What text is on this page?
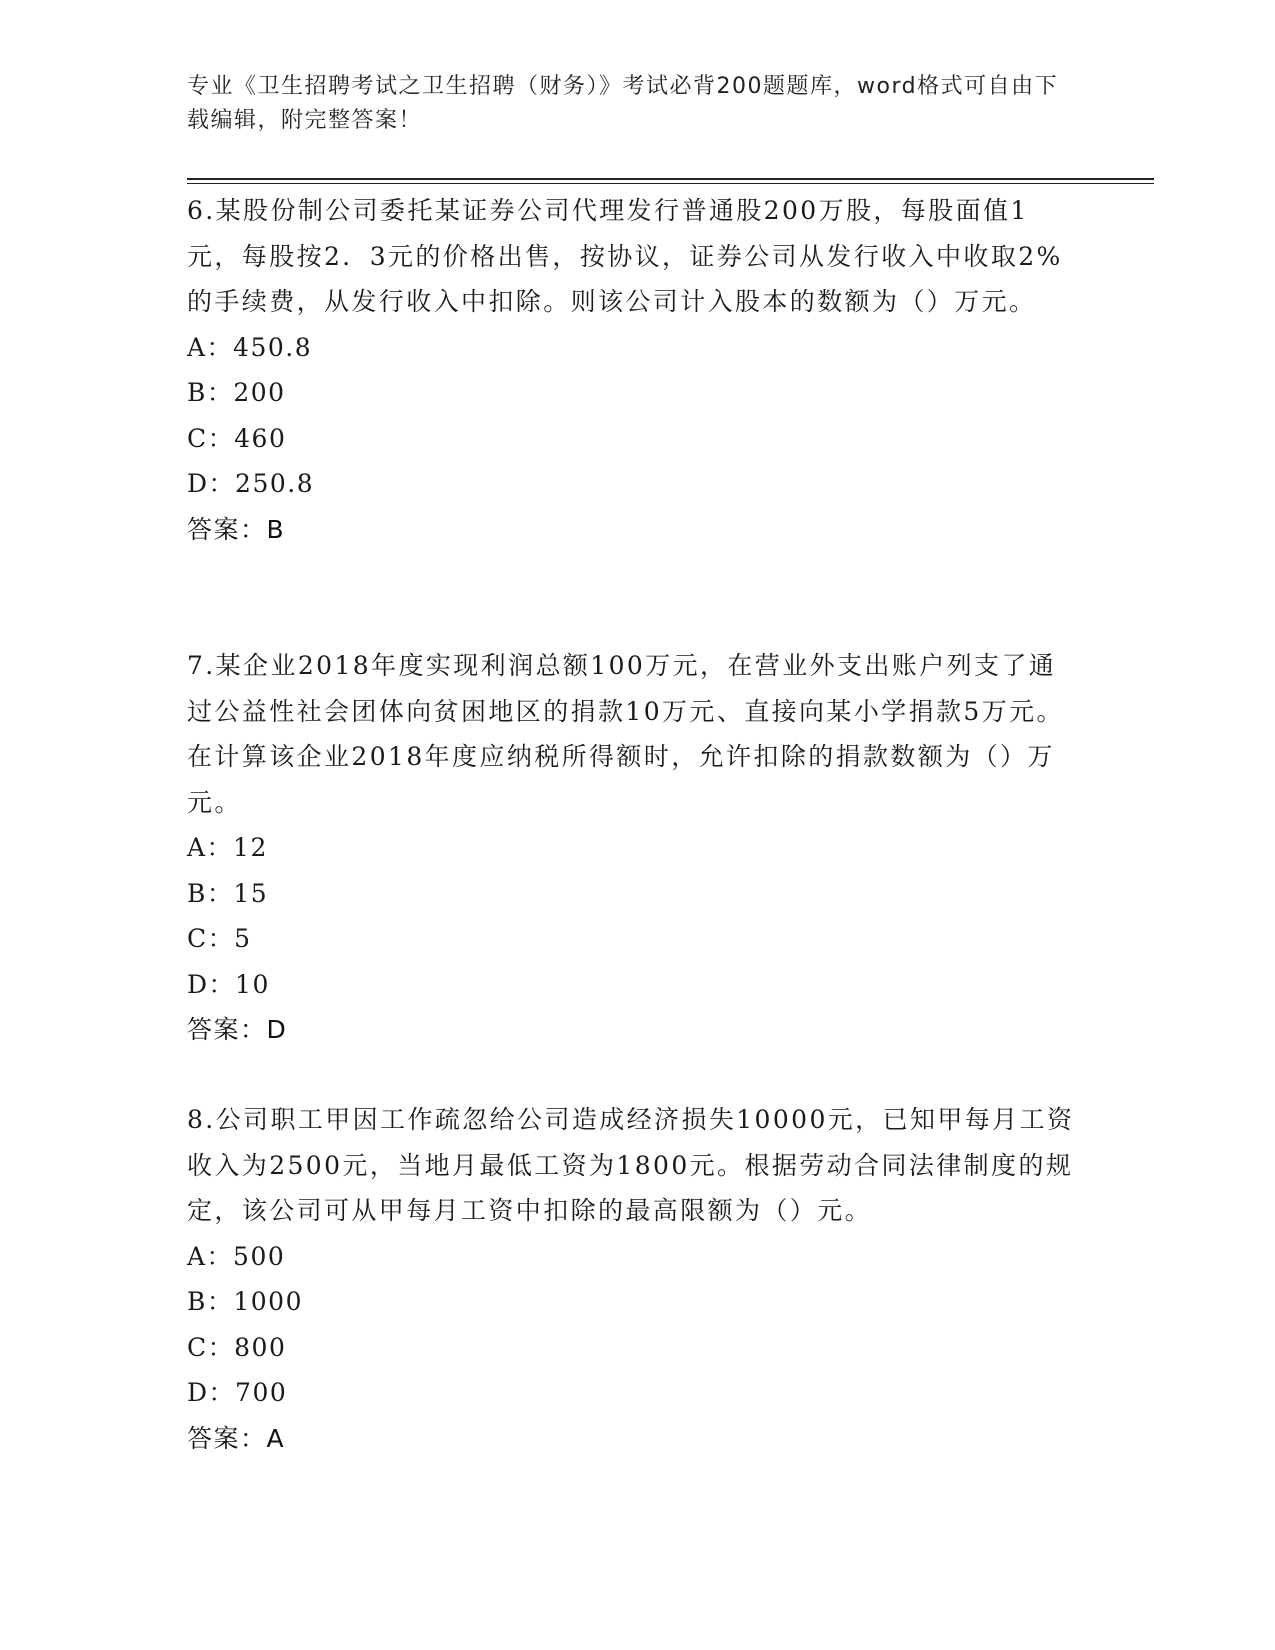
专业《卫生招聘考试之卫生招聘（财务）》考试必背200题题库，word格式可自由下载编辑，附完整答案！

6.某股份制公司委托某证券公司代理发行普通股200万股，每股面值1元，每股按2．3元的价格出售，按协议，证券公司从发行收入中收取2%的手续费，从发行收入中扣除。则该公司计入股本的数额为（）万元。

A：450.8

B：200

C：460

D：250.8

答案：B

7.某企业2018年度实现利润总额100万元，在营业外支出账户列支了通过公益性社会团体向贫困地区的捐款10万元、直接向某小学捐款5万元。在计算该企业2018年度应纳税所得额时，允许扣除的捐款数额为（）万元。

A：12

B：15

C：5

D：10

答案：D

8.公司职工甲因工作疏忽给公司造成经济损失10000元，已知甲每月工资收入为2500元，当地月最低工资为1800元。根据劳动合同法律制度的规定，该公司可从甲每月工资中扣除的最高限额为（）元。

A：500

B：1000

C：800

D：700

答案：A
